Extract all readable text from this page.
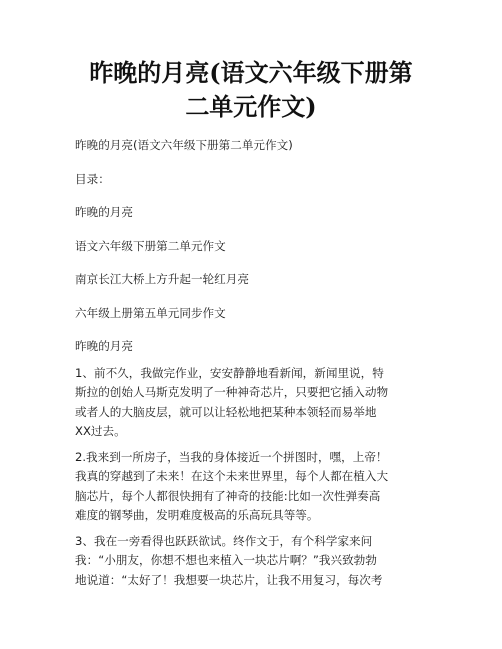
昨晚的月亮(语文六年级下册第
二单元作文)

昨晚的月亮(语文六年级下册第二单元作文)

目录：

昨晚的月亮

语文六年级下册第二单元作文

南京长江大桥上方升起一轮红月亮

六年级上册第五单元同步作文

昨晚的月亮

1、前不久，我做完作业，安安静静地看新闻，新闻里说，特
斯拉的创始人马斯克发明了一种神奇芯片，只要把它插入动物
或者人的大脑皮层，就可以让轻松地把某种本领轻而易举地
XX过去。
2.我来到一所房子，当我的身体接近一个拼图时，嘿，上帝！
我真的穿越到了未来！在这个未来世界里，每个人都在植入大
脑芯片，每个人都很快拥有了神奇的技能:比如一次性弹奏高
难度的钢琴曲，发明难度极高的乐高玩具等等。
3、我在一旁看得也跃跃欲试。终作文于，有个科学家来问
我：“小朋友，你想不想也来植入一块芯片啊？”我兴致勃勃
地说道：“太好了！我想要一块芯片，让我不用复习，每次考
